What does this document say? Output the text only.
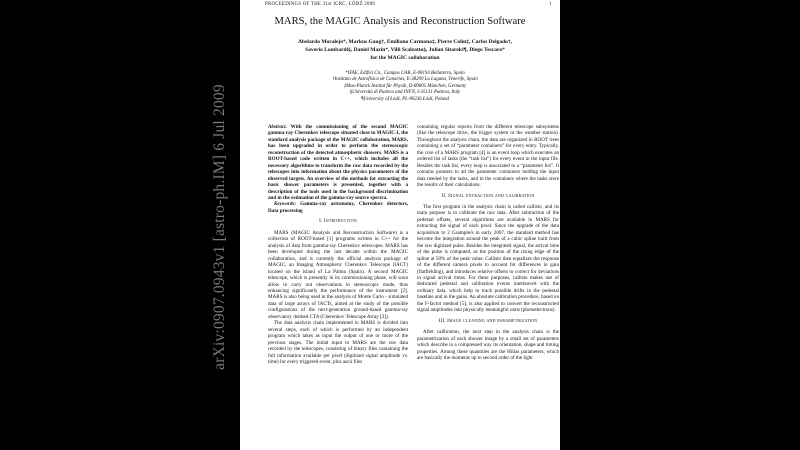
arXiv:0907.0943v1 [astro-ph.IM] 6 Jul 2009
PROCEEDINGS OF THE 31st ICRC, ŁÓDŹ 2009	1
MARS, the MAGIC Analysis and Reconstruction Software
Abelardo Moralejo*, Markus Gaug†, Emiliano Carmona‡, Pierre Colin‡, Carlos Delgado†,
Saverio Lombardi§, Daniel Mazin*, Villi Scalzotto§, Julian Sitarek‖¶, Diego Tescaro*
for the MAGIC collaboration
*IFAE, Edifici Cn., Campus UAB, E-08193 Bellaterra, Spain
†Instituto de Astrofísica de Canarias, E-38200 La Laguna, Tenerife, Spain
‡Max-Planck Institut für Physik, D-80805 München, Germany
§Università di Padova and INFN, I-35131 Padova, Italy
¶University of Łódź, PL-90236 Łódź, Poland

Abstract. With the commissioning of the second MAGIC gamma-ray Cherenkov telescope situated close to MAGIC-I, the standard analysis package of the MAGIC collaboration, MARS, has been upgraded in order to perform the stereoscopic reconstruction of the detected atmospheric showers. MARS is a ROOT-based code written in C++, which includes all the necessary algorithms to transform the raw data recorded by the telescopes into information about the physics parameters of the observed targets. An overview of the methods for extracting the basic shower parameters is presented, together with a description of the tools used in the background discrimination and in the estimation of the gamma-ray source spectra.

Keywords: Gamma-ray astronomy, Cherenkov detectors, Data processing

I. Introduction

MARS (MAGIC Analysis and Reconstruction Software) is a collection of ROOT-based [1] programs written in C++ for the analysis of data from gamma-ray Cherenkov telescopes. MARS has been developed during the last decade within the MAGIC collaboration, and is currently the official analysis package of MAGIC, an Imaging Atmospheric Cherenkov Telescope (IACT) located on the island of La Palma (Spain). A second MAGIC telescope, which is presently in its commissioning phase, will soon allow to carry out observations in stereoscopic mode, thus enhancing significantly the performance of the instrument [2]. MARS is also being used in the analysis of Monte Carlo - simulated data of large arrays of IACTs, aimed at the study of the possible configurations of the next-generation ground-based gamma-ray observatory dubbed CTA (Cherenkov Telescope Array [3]).

The data analysis chain implemented in MARS is divided into several steps, each of which is performed by an independent program which takes as input the output of one or more of the previous stages. The initial input to MARS are the raw data recorded by the telescopes, consisting of binary files containing the full information available per pixel (digitized signal amplitude vs. time) for every triggered event, plus ascii files

containing regular reports from the different telescope subsystems (like the telescope drive, the trigger system or the weather station). Throughout the analysis chain, the data are organized in ROOT trees containing a set of “parameter containers” for every entry. Typically, the core of a MARS program [4] is an event loop which executes an ordered list of tasks (the “task list”) for every event in the input file. Besides the task list, every loop is associated to a “parameter list”. It contains pointers to all the parameter containers holding the input data needed by the tasks, and to the containers where the tasks store the results of their calculations.

II. Signal extraction and calibration

The first program in the analysis chain is called callisto, and its main purpose is to calibrate the raw data. After subtraction of the pedestal offsets, several algorithms are available in MARS for extracting the signal of each pixel. Since the upgrade of the data acquisition to 2 Gsample/s in early 2007, the standard method has become the integration around the peak of a cubic spline built from the raw digitized pulse. Besides the integrated signal, the arrival time of the pulse is computed, as the position of the rising edge of the spline at 50% of the peak value. Callisto then equalizes the response of the different camera pixels to account for differences in gain (flatfielding), and introduces relative offsets to correct for deviations in signal arrival times. For these purposes, callisto makes use of dedicated pedestal and calibration events interleaved with the ordinary data, which help to track possible drifts in the pedestal baseline and in the gains. An absolute calibration procedure, based on the F-factor method [5], is also applied to convert the reconstructed signal amplitudes into physically meaningful units (photoelectrons).

III. Image cleaning and parametrization

After calibration, the next step in the analysis chain is the parametrization of each shower image by a small set of parameters which describe in a compressed way its orientation, shape and timing properties. Among these quantities are the Hillas parameters, which are basically the moments up to second order of the light
